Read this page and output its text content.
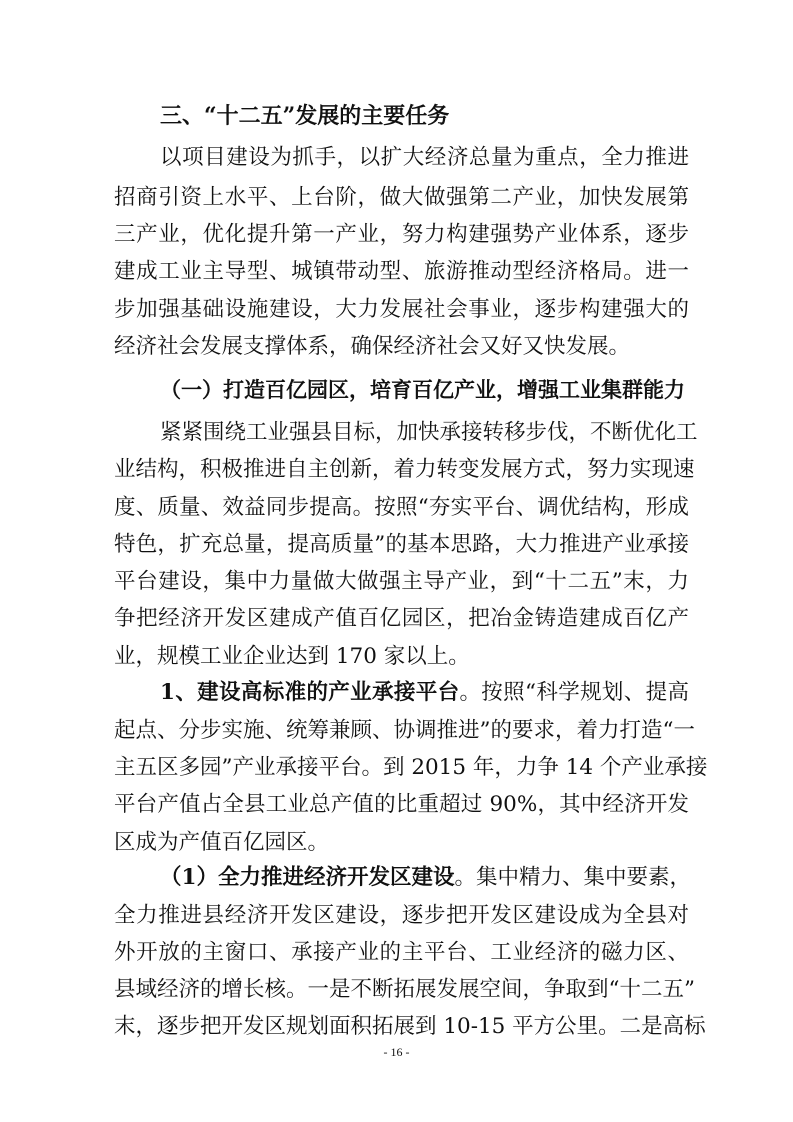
三、“十二五”发展的主要任务
以项目建设为抓手，以扩大经济总量为重点，全力推进
招商引资上水平、上台阶，做大做强第二产业，加快发展第
三产业，优化提升第一产业，努力构建强势产业体系，逐步
建成工业主导型、城镇带动型、旅游推动型经济格局。进一
步加强基础设施建设，大力发展社会事业，逐步构建强大的
经济社会发展支撑体系，确保经济社会又好又快发展。
（一）打造百亿园区，培育百亿产业，增强工业集群能力
紧紧围绕工业强县目标，加快承接转移步伐，不断优化工
业结构，积极推进自主创新，着力转变发展方式，努力实现速
度、质量、效益同步提高。按照“夯实平台、调优结构，形成
特色，扩充总量，提高质量”的基本思路，大力推进产业承接
平台建设，集中力量做大做强主导产业，到“十二五”末，力
争把经济开发区建成产值百亿园区，把冶金铸造建成百亿产
业，规模工业企业达到 170 家以上。
1、建设高标准的产业承接平台。按照“科学规划、提高
起点、分步实施、统筹兼顾、协调推进”的要求，着力打造“一
主五区多园”产业承接平台。到 2015 年，力争 14 个产业承接
平台产值占全县工业总产值的比重超过 90%，其中经济开发
区成为产值百亿园区。
（1）全力推进经济开发区建设。集中精力、集中要素，
全力推进县经济开发区建设，逐步把开发区建设成为全县对
外开放的主窗口、承接产业的主平台、工业经济的磁力区、
县域经济的增长核。一是不断拓展发展空间，争取到“十二五”
末，逐步把开发区规划面积拓展到 10-15 平方公里。二是高标
- 16 -
